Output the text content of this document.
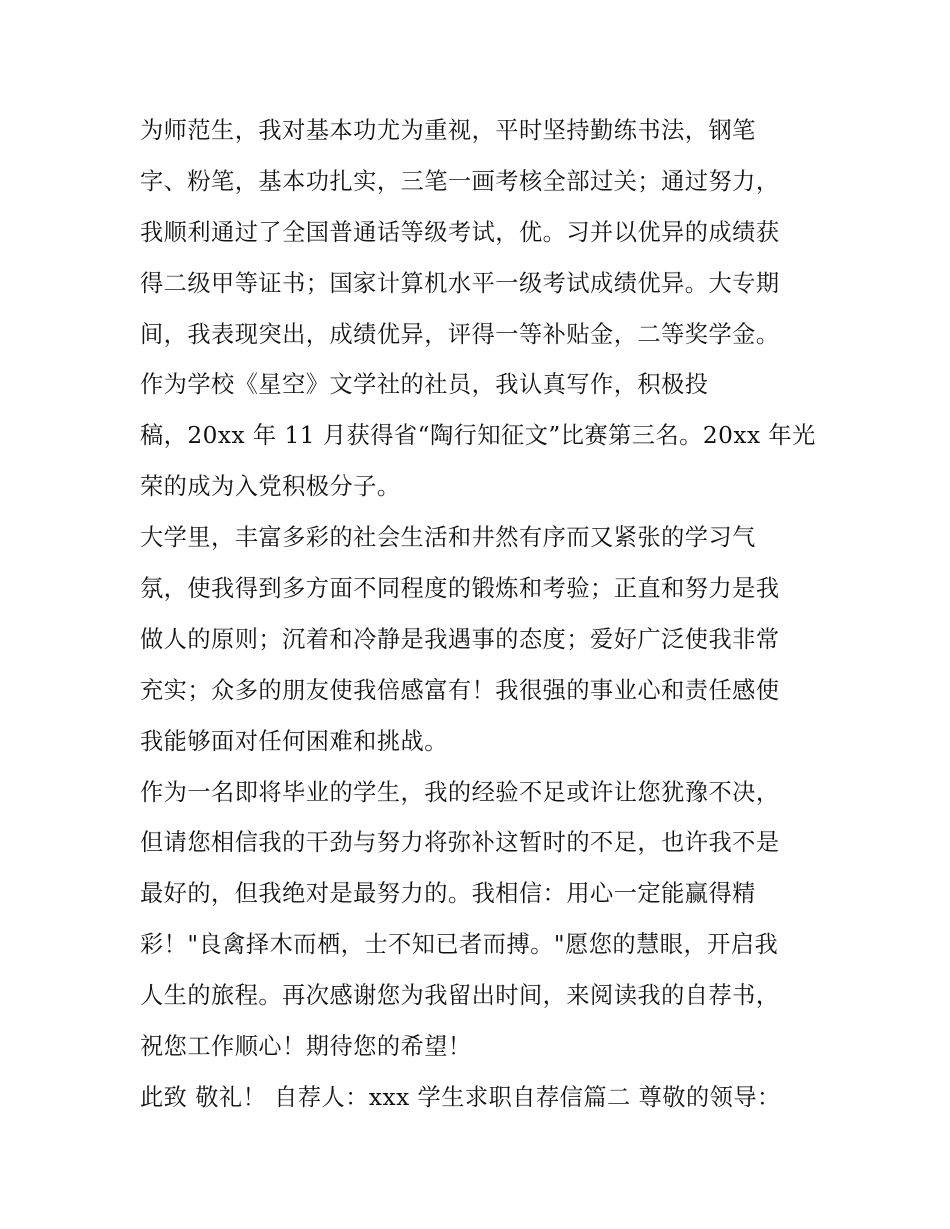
为师范生，我对基本功尤为重视，平时坚持勤练书法，钢笔
字、粉笔，基本功扎实，三笔一画考核全部过关；通过努力，
我顺利通过了全国普通话等级考试，优。习并以优异的成绩获
得二级甲等证书；国家计算机水平一级考试成绩优异。大专期
间，我表现突出，成绩优异，评得一等补贴金，二等奖学金。
作为学校《星空》文学社的社员，我认真写作，积极投
稿，20xx 年 11 月获得省“陶行知征文”比赛第三名。20xx 年光
荣的成为入党积极分子。
大学里，丰富多彩的社会生活和井然有序而又紧张的学习气
氛，使我得到多方面不同程度的锻炼和考验；正直和努力是我
做人的原则；沉着和冷静是我遇事的态度；爱好广泛使我非常
充实；众多的朋友使我倍感富有！我很强的事业心和责任感使
我能够面对任何困难和挑战。
作为一名即将毕业的学生，我的经验不足或许让您犹豫不决，
但请您相信我的干劲与努力将弥补这暂时的不足，也许我不是
最好的，但我绝对是最努力的。我相信：用心一定能赢得精
彩！"良禽择木而栖，士不知已者而搏。"愿您的慧眼，开启我
人生的旅程。再次感谢您为我留出时间，来阅读我的自荐书，
祝您工作顺心！期待您的希望！
此致 敬礼！ 自荐人：xxx 学生求职自荐信篇二 尊敬的领导：
